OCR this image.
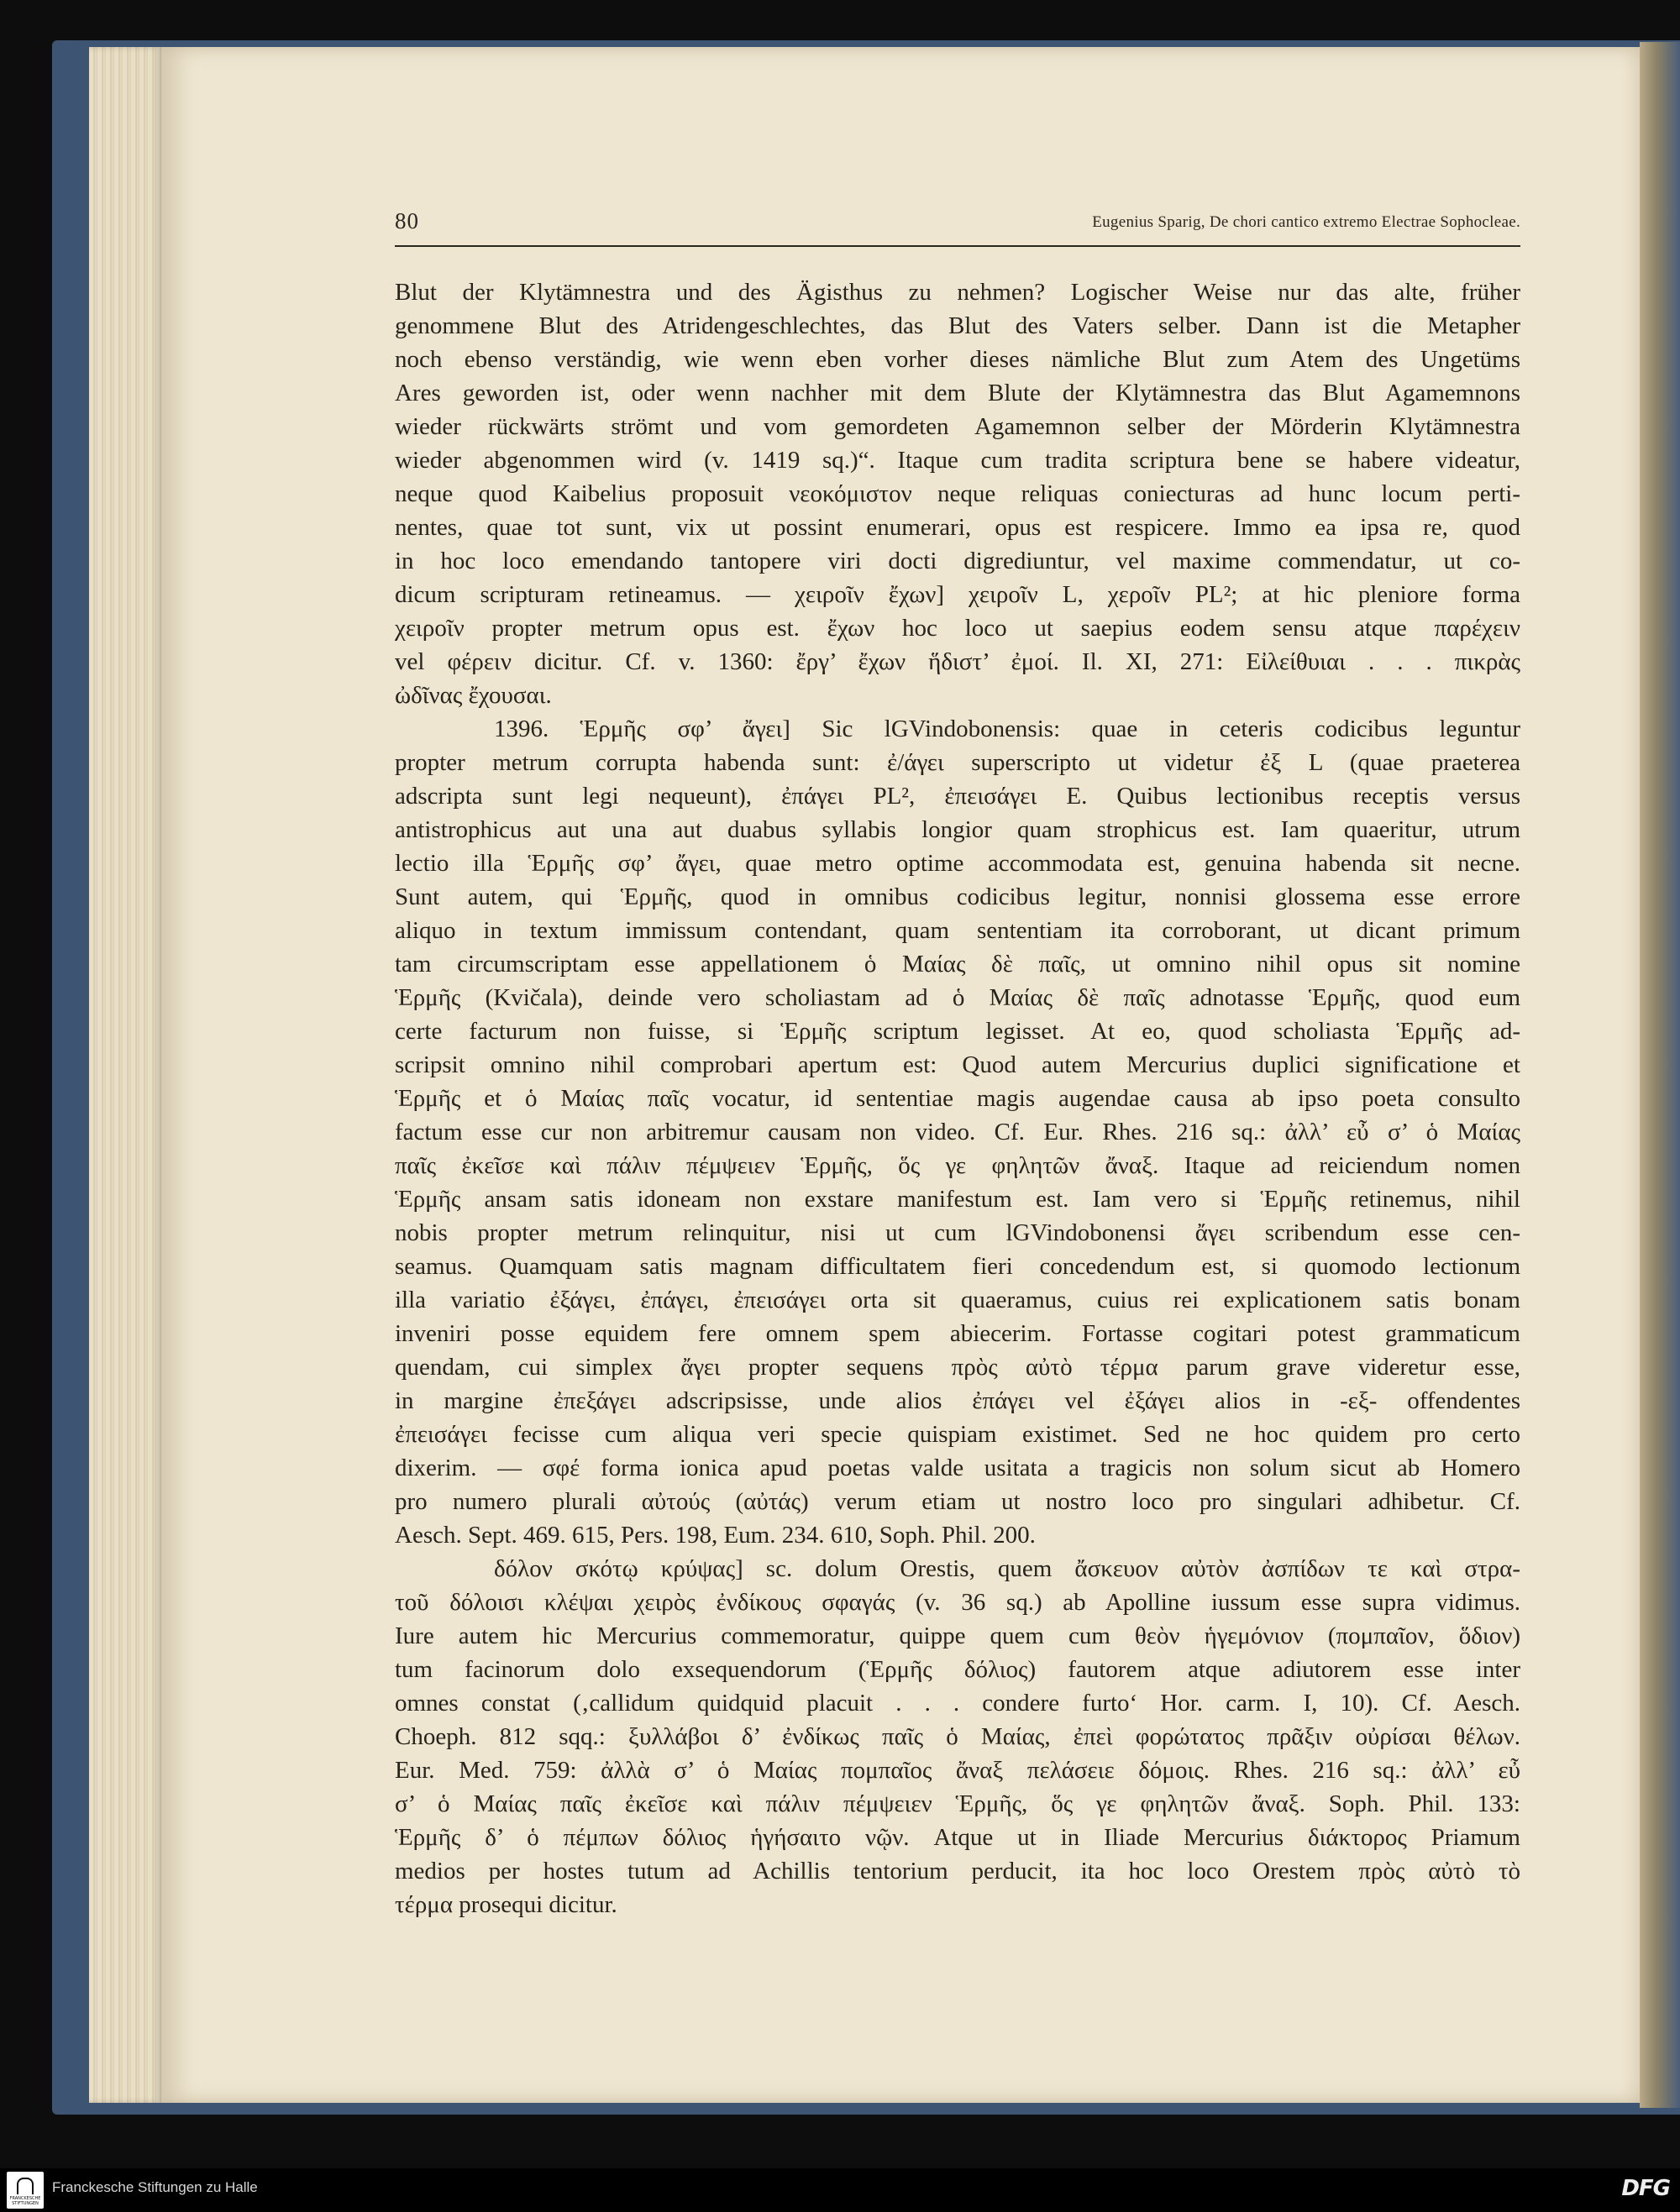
80	Eugenius Sparig, De chori cantico extremo Electrae Sophocleae.
Blut der Klytämnestra und des Ägisthus zu nehmen? Logischer Weise nur das alte, früher
genommene Blut des Atridengeschlechtes, das Blut des Vaters selber. Dann ist die Metapher
noch ebenso verständig, wie wenn eben vorher dieses nämliche Blut zum Atem des Ungetüms
Ares geworden ist, oder wenn nachher mit dem Blute der Klytämnestra das Blut Agamemnons
wieder rückwärts strömt und vom gemordeten Agamemnon selber der Mörderin Klytämnestra
wieder abgenommen wird (v. 1419 sq.)“. Itaque cum tradita scriptura bene se habere videatur,
neque quod Kaibelius proposuit νεοκόμιστον neque reliquas coniecturas ad hunc locum perti-
nentes, quae tot sunt, vix ut possint enumerari, opus est respicere. Immo ea ipsa re, quod
in hoc loco emendando tantopere viri docti digrediuntur, vel maxime commendatur, ut co-
dicum scripturam retineamus. — χειροῖν ἔχων] χειροῖν L, χεροῖν PL²; at hic pleniore forma
χειροῖν propter metrum opus est. ἔχων hoc loco ut saepius eodem sensu atque παρέχειν
vel φέρειν dicitur. Cf. v. 1360: ἔργ’ ἔχων ἥδιστ’ ἐμοί. Il. XI, 271: Εἰλείθυιαι . . . πικρὰς
ὠδῖνας ἔχουσαι.
1396. Ἑρμῆς σφ’ ἄγει] Sic lGVindobonensis: quae in ceteris codicibus leguntur
propter metrum corrupta habenda sunt: ἐ/άγει superscripto ut videtur ἐξ L (quae praeterea
adscripta sunt legi nequeunt), ἐπάγει PL², ἐπεισάγει E. Quibus lectionibus receptis versus
antistrophicus aut una aut duabus syllabis longior quam strophicus est. Iam quaeritur, utrum
lectio illa Ἑρμῆς σφ’ ἄγει, quae metro optime accommodata est, genuina habenda sit necne.
Sunt autem, qui Ἑρμῆς, quod in omnibus codicibus legitur, nonnisi glossema esse errore
aliquo in textum immissum contendant, quam sententiam ita corroborant, ut dicant primum
tam circumscriptam esse appellationem ὁ Μαίας δὲ παῖς, ut omnino nihil opus sit nomine
Ἑρμῆς (Kvičala), deinde vero scholiastam ad ὁ Μαίας δὲ παῖς adnotasse Ἑρμῆς, quod eum
certe facturum non fuisse, si Ἑρμῆς scriptum legisset. At eo, quod scholiasta Ἑρμῆς ad-
scripsit omnino nihil comprobari apertum est: Quod autem Mercurius duplici significatione et
Ἑρμῆς et ὁ Μαίας παῖς vocatur, id sententiae magis augendae causa ab ipso poeta consulto
factum esse cur non arbitremur causam non video. Cf. Eur. Rhes. 216 sq.: ἀλλ’ εὖ σ’ ὁ Μαίας
παῖς ἐκεῖσε καὶ πάλιν πέμψειεν Ἑρμῆς, ὅς γε φηλητῶν ἄναξ. Itaque ad reiciendum nomen
Ἑρμῆς ansam satis idoneam non exstare manifestum est. Iam vero si Ἑρμῆς retinemus, nihil
nobis propter metrum relinquitur, nisi ut cum lGVindobonensi ἄγει scribendum esse cen-
seamus. Quamquam satis magnam difficultatem fieri concedendum est, si quomodo lectionum
illa variatio ἐξάγει, ἐπάγει, ἐπεισάγει orta sit quaeramus, cuius rei explicationem satis bonam
inveniri posse equidem fere omnem spem abiecerim. Fortasse cogitari potest grammaticum
quendam, cui simplex ἄγει propter sequens πρὸς αὐτὸ τέρμα parum grave videretur esse,
in margine ἐπεξάγει adscripsisse, unde alios ἐπάγει vel ἐξάγει alios in -εξ- offendentes
ἐπεισάγει fecisse cum aliqua veri specie quispiam existimet. Sed ne hoc quidem pro certo
dixerim. — σφέ forma ionica apud poetas valde usitata a tragicis non solum sicut ab Homero
pro numero plurali αὐτούς (αὐτάς) verum etiam ut nostro loco pro singulari adhibetur. Cf.
Aesch. Sept. 469. 615, Pers. 198, Eum. 234. 610, Soph. Phil. 200.
δόλον σκότῳ κρύψας] sc. dolum Orestis, quem ἄσκευον αὐτὸν ἀσπίδων τε καὶ στρα-
τοῦ δόλοισι κλέψαι χειρὸς ἐνδίκους σφαγάς (v. 36 sq.) ab Apolline iussum esse supra vidimus.
Iure autem hic Mercurius commemoratur, quippe quem cum θεὸν ἡγεμόνιον (πομπαῖον, ὅδιον)
tum facinorum dolo exsequendorum (Ἑρμῆς δόλιος) fautorem atque adiutorem esse inter
omnes constat (‚callidum quidquid placuit . . . condere furto‘ Hor. carm. I, 10). Cf. Aesch.
Choeph. 812 sqq.: ξυλλάβοι δ’ ἐνδίκως παῖς ὁ Μαίας, ἐπεὶ φορώτατος πρᾶξιν οὐρίσαι θέλων.
Eur. Med. 759: ἀλλὰ σ’ ὁ Μαίας πομπαῖος ἄναξ πελάσειε δόμοις. Rhes. 216 sq.: ἀλλ’ εὖ
σ’ ὁ Μαίας παῖς ἐκεῖσε καὶ πάλιν πέμψειεν Ἑρμῆς, ὅς γε φηλητῶν ἄναξ. Soph. Phil. 133:
Ἑρμῆς δ’ ὁ πέμπων δόλιος ἡγήσαιτο νῷν. Atque ut in Iliade Mercurius διάκτορος Priamum
medios per hostes tutum ad Achillis tentorium perducit, ita hoc loco Orestem πρὸς αὐτὸ τὸ
τέρμα prosequi dicitur.
FRANCKESCHE
STIFTUNGEN
Franckesche Stiftungen zu Halle	DFG
